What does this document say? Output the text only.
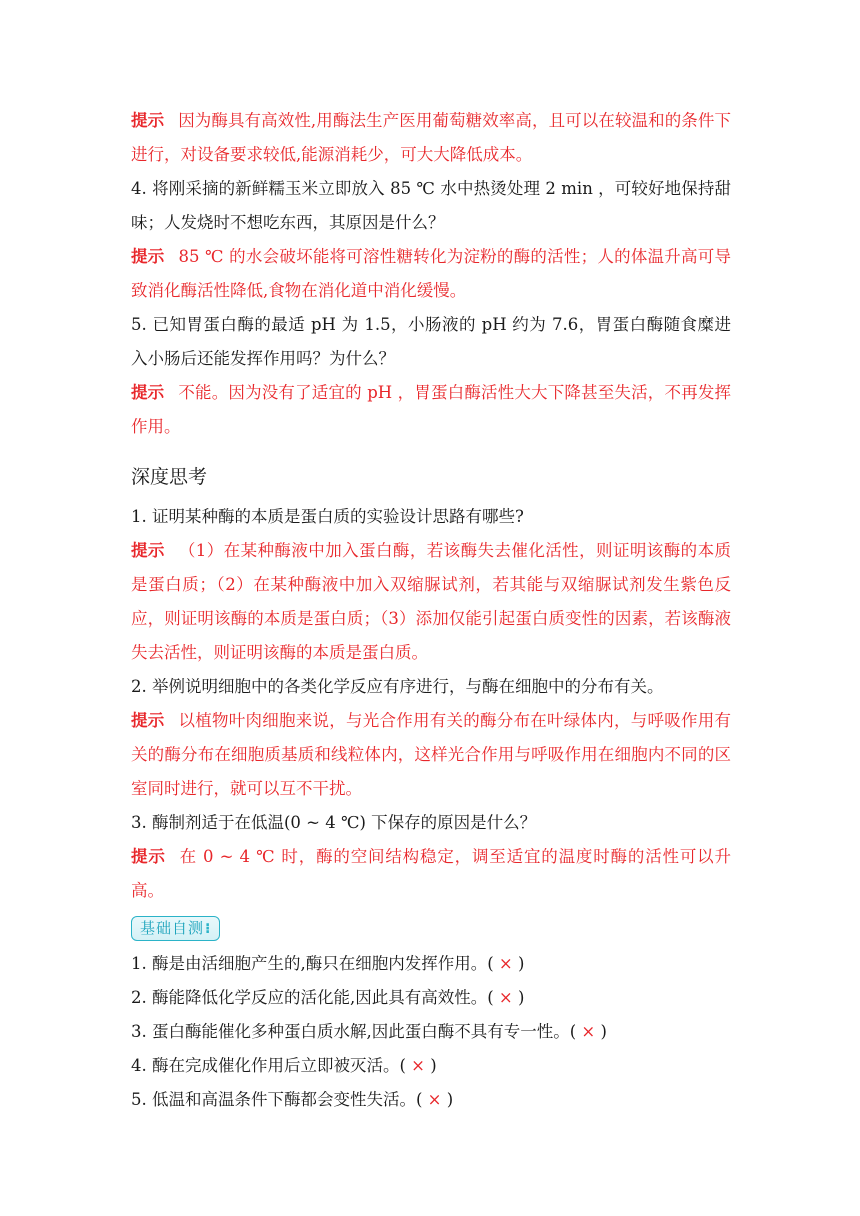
提示 因为酶具有高效性,用酶法生产医用葡萄糖效率高，且可以在较温和的条件下进行，对设备要求较低,能源消耗少，可大大降低成本。

4. 将刚采摘的新鲜糯玉米立即放入 85 ℃ 水中热烫处理 2 min ，可较好地保持甜味；人发烧时不想吃东西，其原因是什么？

提示 85 ℃ 的水会破坏能将可溶性糖转化为淀粉的酶的活性；人的体温升高可导致消化酶活性降低,食物在消化道中消化缓慢。

5. 已知胃蛋白酶的最适 pH 为 1.5，小肠液的 pH 约为 7.6，胃蛋白酶随食糜进入小肠后还能发挥作用吗？为什么？

提示 不能。因为没有了适宜的 pH ，胃蛋白酶活性大大下降甚至失活，不再发挥作用。

深度思考

1. 证明某种酶的本质是蛋白质的实验设计思路有哪些?

提示 （1）在某种酶液中加入蛋白酶，若该酶失去催化活性，则证明该酶的本质是蛋白质；（2）在某种酶液中加入双缩脲试剂，若其能与双缩脲试剂发生紫色反应，则证明该酶的本质是蛋白质；（3）添加仅能引起蛋白质变性的因素，若该酶液失去活性，则证明该酶的本质是蛋白质。

2. 举例说明细胞中的各类化学反应有序进行，与酶在细胞中的分布有关。

提示 以植物叶肉细胞来说，与光合作用有关的酶分布在叶绿体内，与呼吸作用有关的酶分布在细胞质基质和线粒体内，这样光合作用与呼吸作用在细胞内不同的区室同时进行，就可以互不干扰。

3. 酶制剂适于在低温(0 ~ 4 ℃) 下保存的原因是什么？

提示 在 0 ~ 4 ℃ 时，酶的空间结构稳定，调至适宜的温度时酶的活性可以升高。

基础自测⁝

1. 酶是由活细胞产生的,酶只在细胞内发挥作用。( × )

2. 酶能降低化学反应的活化能,因此具有高效性。( × )

3. 蛋白酶能催化多种蛋白质水解,因此蛋白酶不具有专一性。( × )

4. 酶在完成催化作用后立即被灭活。( × )

5. 低温和高温条件下酶都会变性失活。( × )
